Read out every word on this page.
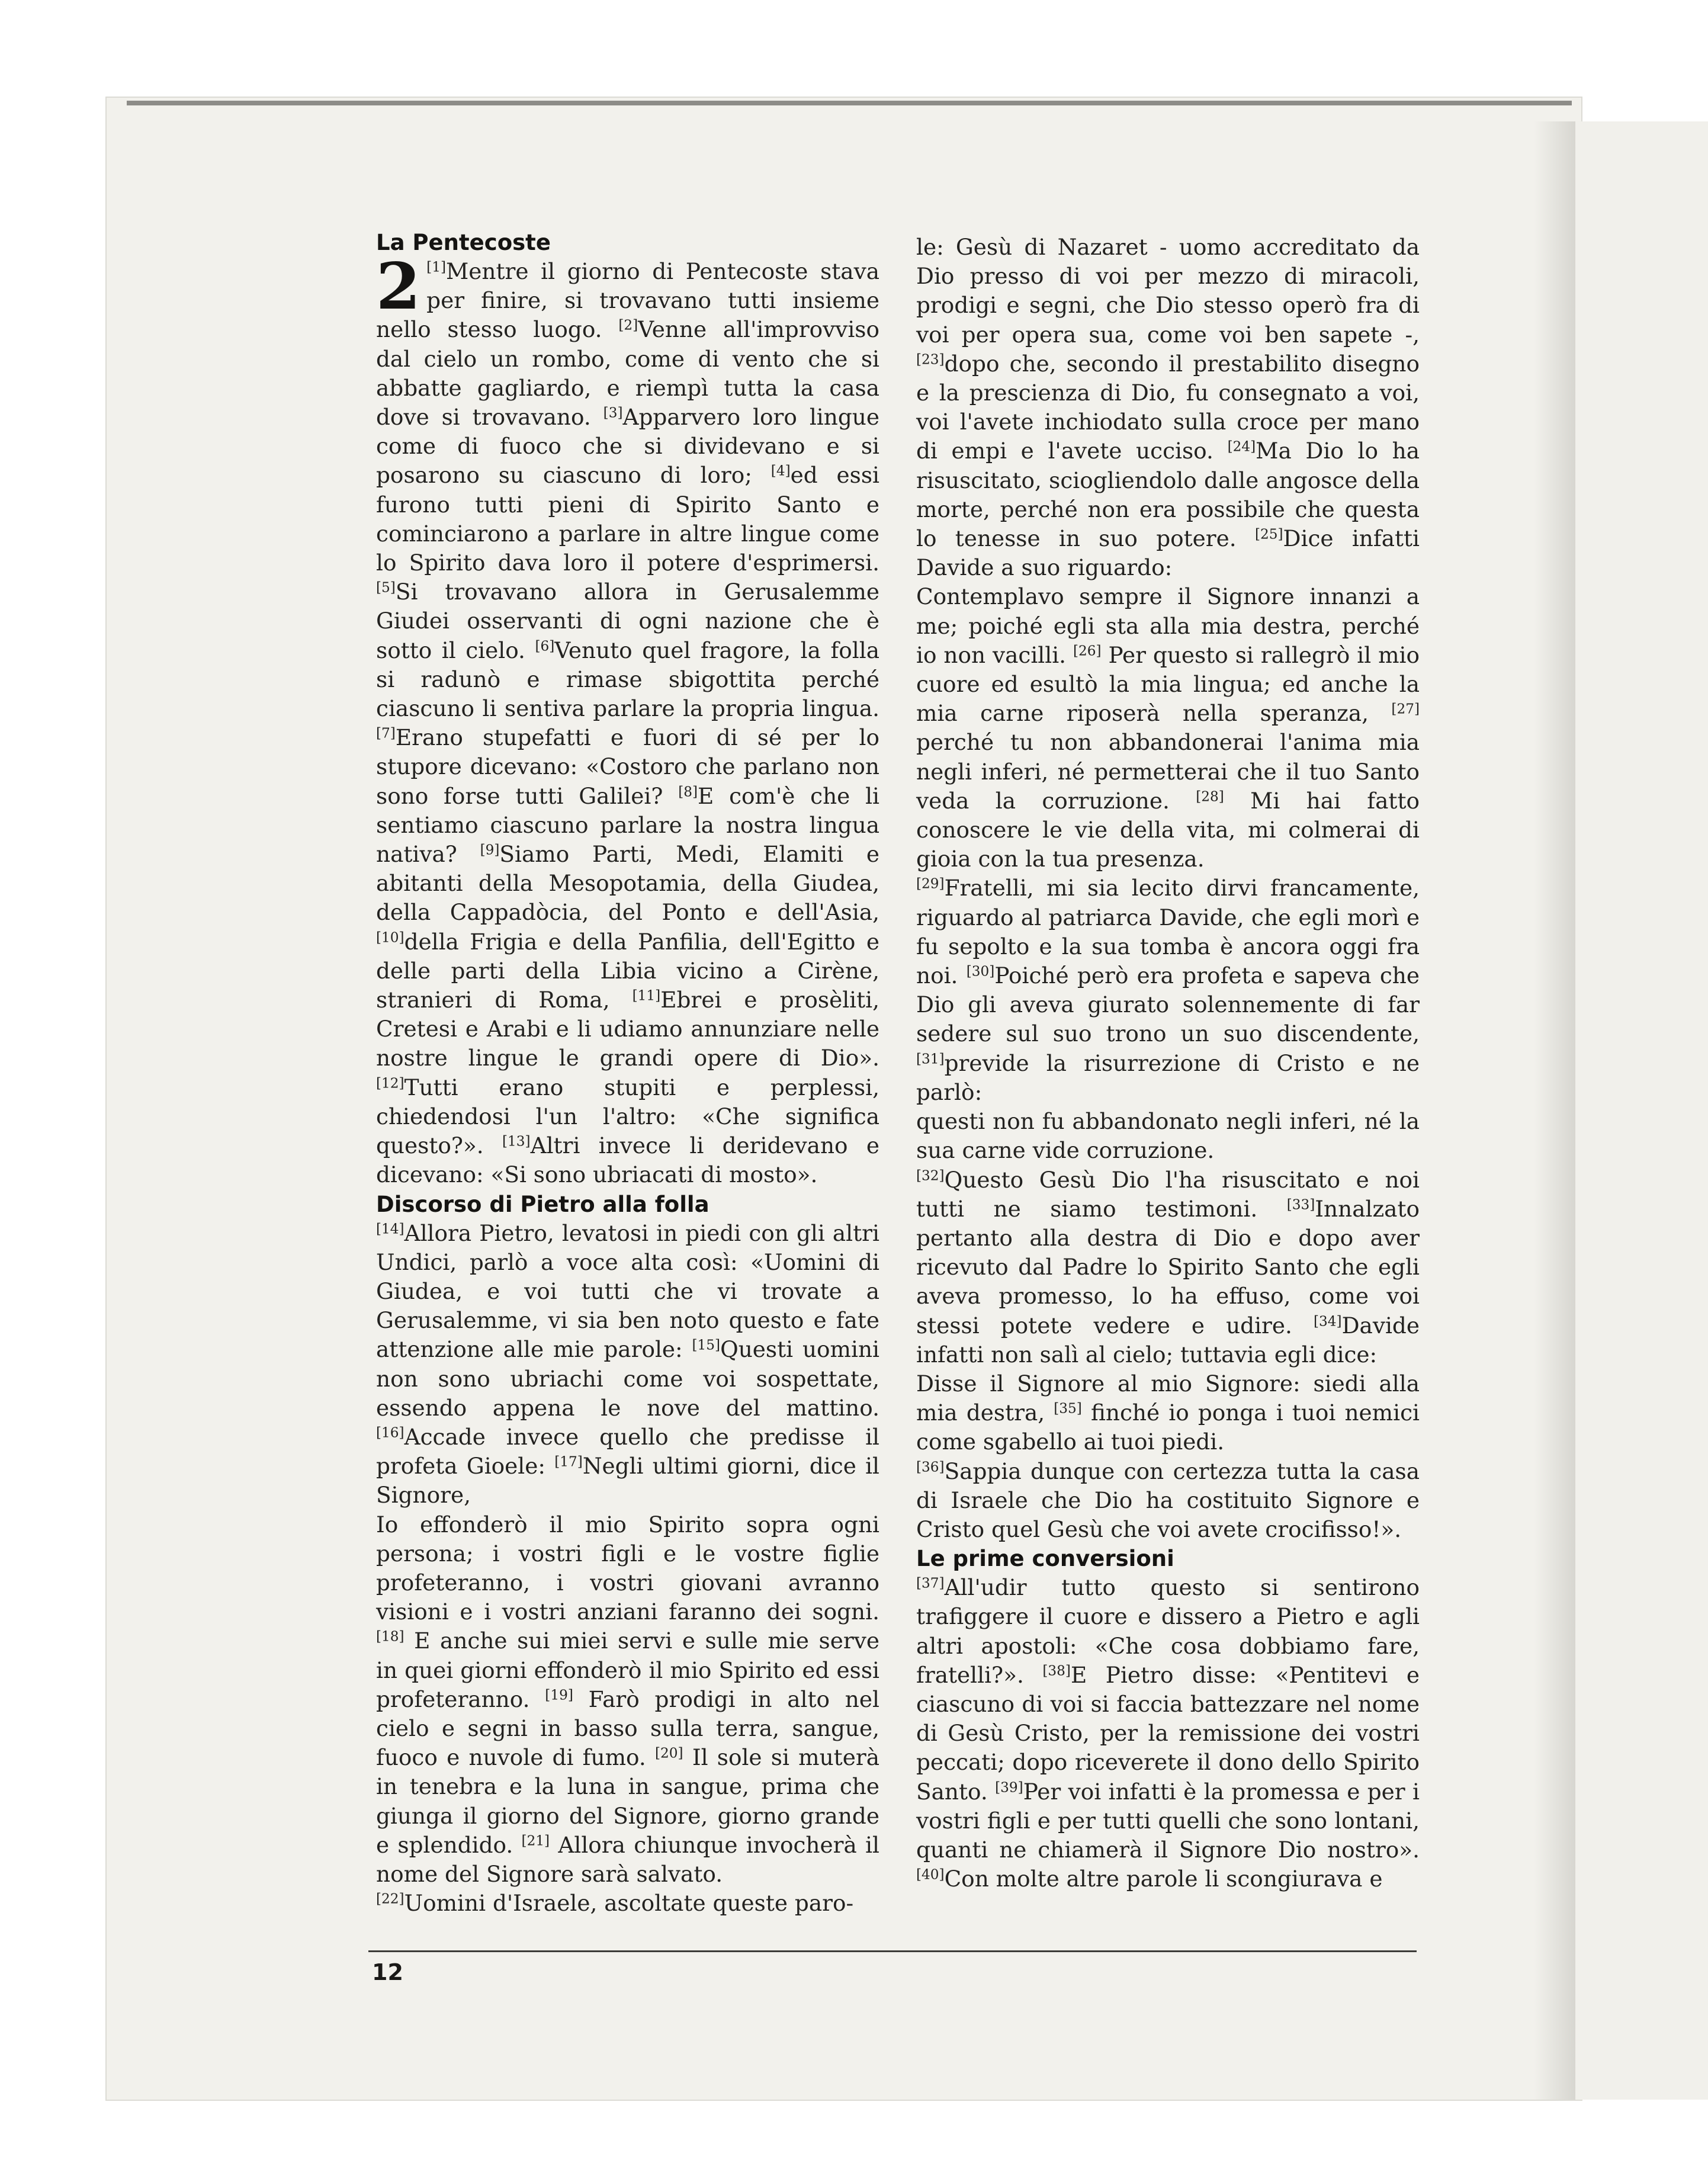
La Pentecoste

2 [1]Mentre il giorno di Pentecoste stava per finire, si trovavano tutti insieme nello stesso luogo. [2]Venne all'improvviso dal cielo un rombo, come di vento che si abbatte gagliardo, e riempì tutta la casa dove si trovavano. [3]Apparvero loro lingue come di fuoco che si dividevano e si posarono su ciascuno di loro; [4]ed essi furono tutti pieni di Spirito Santo e cominciarono a parlare in altre lingue come lo Spirito dava loro il potere d'esprimersi. [5]Si trovavano allora in Gerusalemme Giudei osservanti di ogni nazione che è sotto il cielo. [6]Venuto quel fragore, la folla si radunò e rimase sbigottita perché ciascuno li sentiva parlare la propria lingua. [7]Erano stupefatti e fuori di sé per lo stupore dicevano: «Costoro che parlano non sono forse tutti Galilei? [8]E com'è che li sentiamo ciascuno parlare la nostra lingua nativa? [9]Siamo Parti, Medi, Elamiti e abitanti della Mesopotamia, della Giudea, della Cappadòcia, del Ponto e dell'Asia, [10]della Frigia e della Panfilia, dell'Egitto e delle parti della Libia vicino a Cirène, stranieri di Roma, [11]Ebrei e prosèliti, Cretesi e Arabi e li udiamo annunziare nelle nostre lingue le grandi opere di Dio». [12]Tutti erano stupiti e perplessi, chiedendosi l'un l'altro: «Che significa questo?». [13]Altri invece li deridevano e dicevano: «Si sono ubriacati di mosto».

Discorso di Pietro alla folla

[14]Allora Pietro, levatosi in piedi con gli altri Undici, parlò a voce alta così: «Uomini di Giudea, e voi tutti che vi trovate a Gerusalemme, vi sia ben noto questo e fate attenzione alle mie parole: [15]Questi uomini non sono ubriachi come voi sospettate, essendo appena le nove del mattino. [16]Accade invece quello che predisse il profeta Gioele: [17]Negli ultimi giorni, dice il Signore,

Io effonderò il mio Spirito sopra ogni persona; i vostri figli e le vostre figlie profeteranno, i vostri giovani avranno visioni e i vostri anziani faranno dei sogni. [18] E anche sui miei servi e sulle mie serve in quei giorni effonderò il mio Spirito ed essi profeteranno. [19] Farò prodigi in alto nel cielo e segni in basso sulla terra, sangue, fuoco e nuvole di fumo. [20] Il sole si muterà in tenebra e la luna in sangue, prima che giunga il giorno del Signore, giorno grande e splendido. [21] Allora chiunque invocherà il nome del Signore sarà salvato.

[22]Uomini d'Israele, ascoltate queste paro-

le: Gesù di Nazaret - uomo accreditato da Dio presso di voi per mezzo di miracoli, prodigi e segni, che Dio stesso operò fra di voi per opera sua, come voi ben sapete -, [23]dopo che, secondo il prestabilito disegno e la prescienza di Dio, fu consegnato a voi, voi l'avete inchiodato sulla croce per mano di empi e l'avete ucciso. [24]Ma Dio lo ha risuscitato, sciogliendolo dalle angosce della morte, perché non era possibile che questa lo tenesse in suo potere. [25]Dice infatti Davide a suo riguardo:

Contemplavo sempre il Signore innanzi a me; poiché egli sta alla mia destra, perché io non vacilli. [26] Per questo si rallegrò il mio cuore ed esultò la mia lingua; ed anche la mia carne riposerà nella speranza, [27] perché tu non abbandonerai l'anima mia negli inferi, né permetterai che il tuo Santo veda la corruzione. [28] Mi hai fatto conoscere le vie della vita, mi colmerai di gioia con la tua presenza.

[29]Fratelli, mi sia lecito dirvi francamente, riguardo al patriarca Davide, che egli morì e fu sepolto e la sua tomba è ancora oggi fra noi. [30]Poiché però era profeta e sapeva che Dio gli aveva giurato solennemente di far sedere sul suo trono un suo discendente, [31]previde la risurrezione di Cristo e ne parlò:

questi non fu abbandonato negli inferi, né la sua carne vide corruzione.

[32]Questo Gesù Dio l'ha risuscitato e noi tutti ne siamo testimoni. [33]Innalzato pertanto alla destra di Dio e dopo aver ricevuto dal Padre lo Spirito Santo che egli aveva promesso, lo ha effuso, come voi stessi potete vedere e udire. [34]Davide infatti non salì al cielo; tuttavia egli dice:

Disse il Signore al mio Signore: siedi alla mia destra, [35] finché io ponga i tuoi nemici come sgabello ai tuoi piedi.

[36]Sappia dunque con certezza tutta la casa di Israele che Dio ha costituito Signore e Cristo quel Gesù che voi avete crocifisso!».

Le prime conversioni

[37]All'udir tutto questo si sentirono trafiggere il cuore e dissero a Pietro e agli altri apostoli: «Che cosa dobbiamo fare, fratelli?». [38]E Pietro disse: «Pentitevi e ciascuno di voi si faccia battezzare nel nome di Gesù Cristo, per la remissione dei vostri peccati; dopo riceverete il dono dello Spirito Santo. [39]Per voi infatti è la promessa e per i vostri figli e per tutti quelli che sono lontani, quanti ne chiamerà il Signore Dio nostro». [40]Con molte altre parole li scongiurava e

12
